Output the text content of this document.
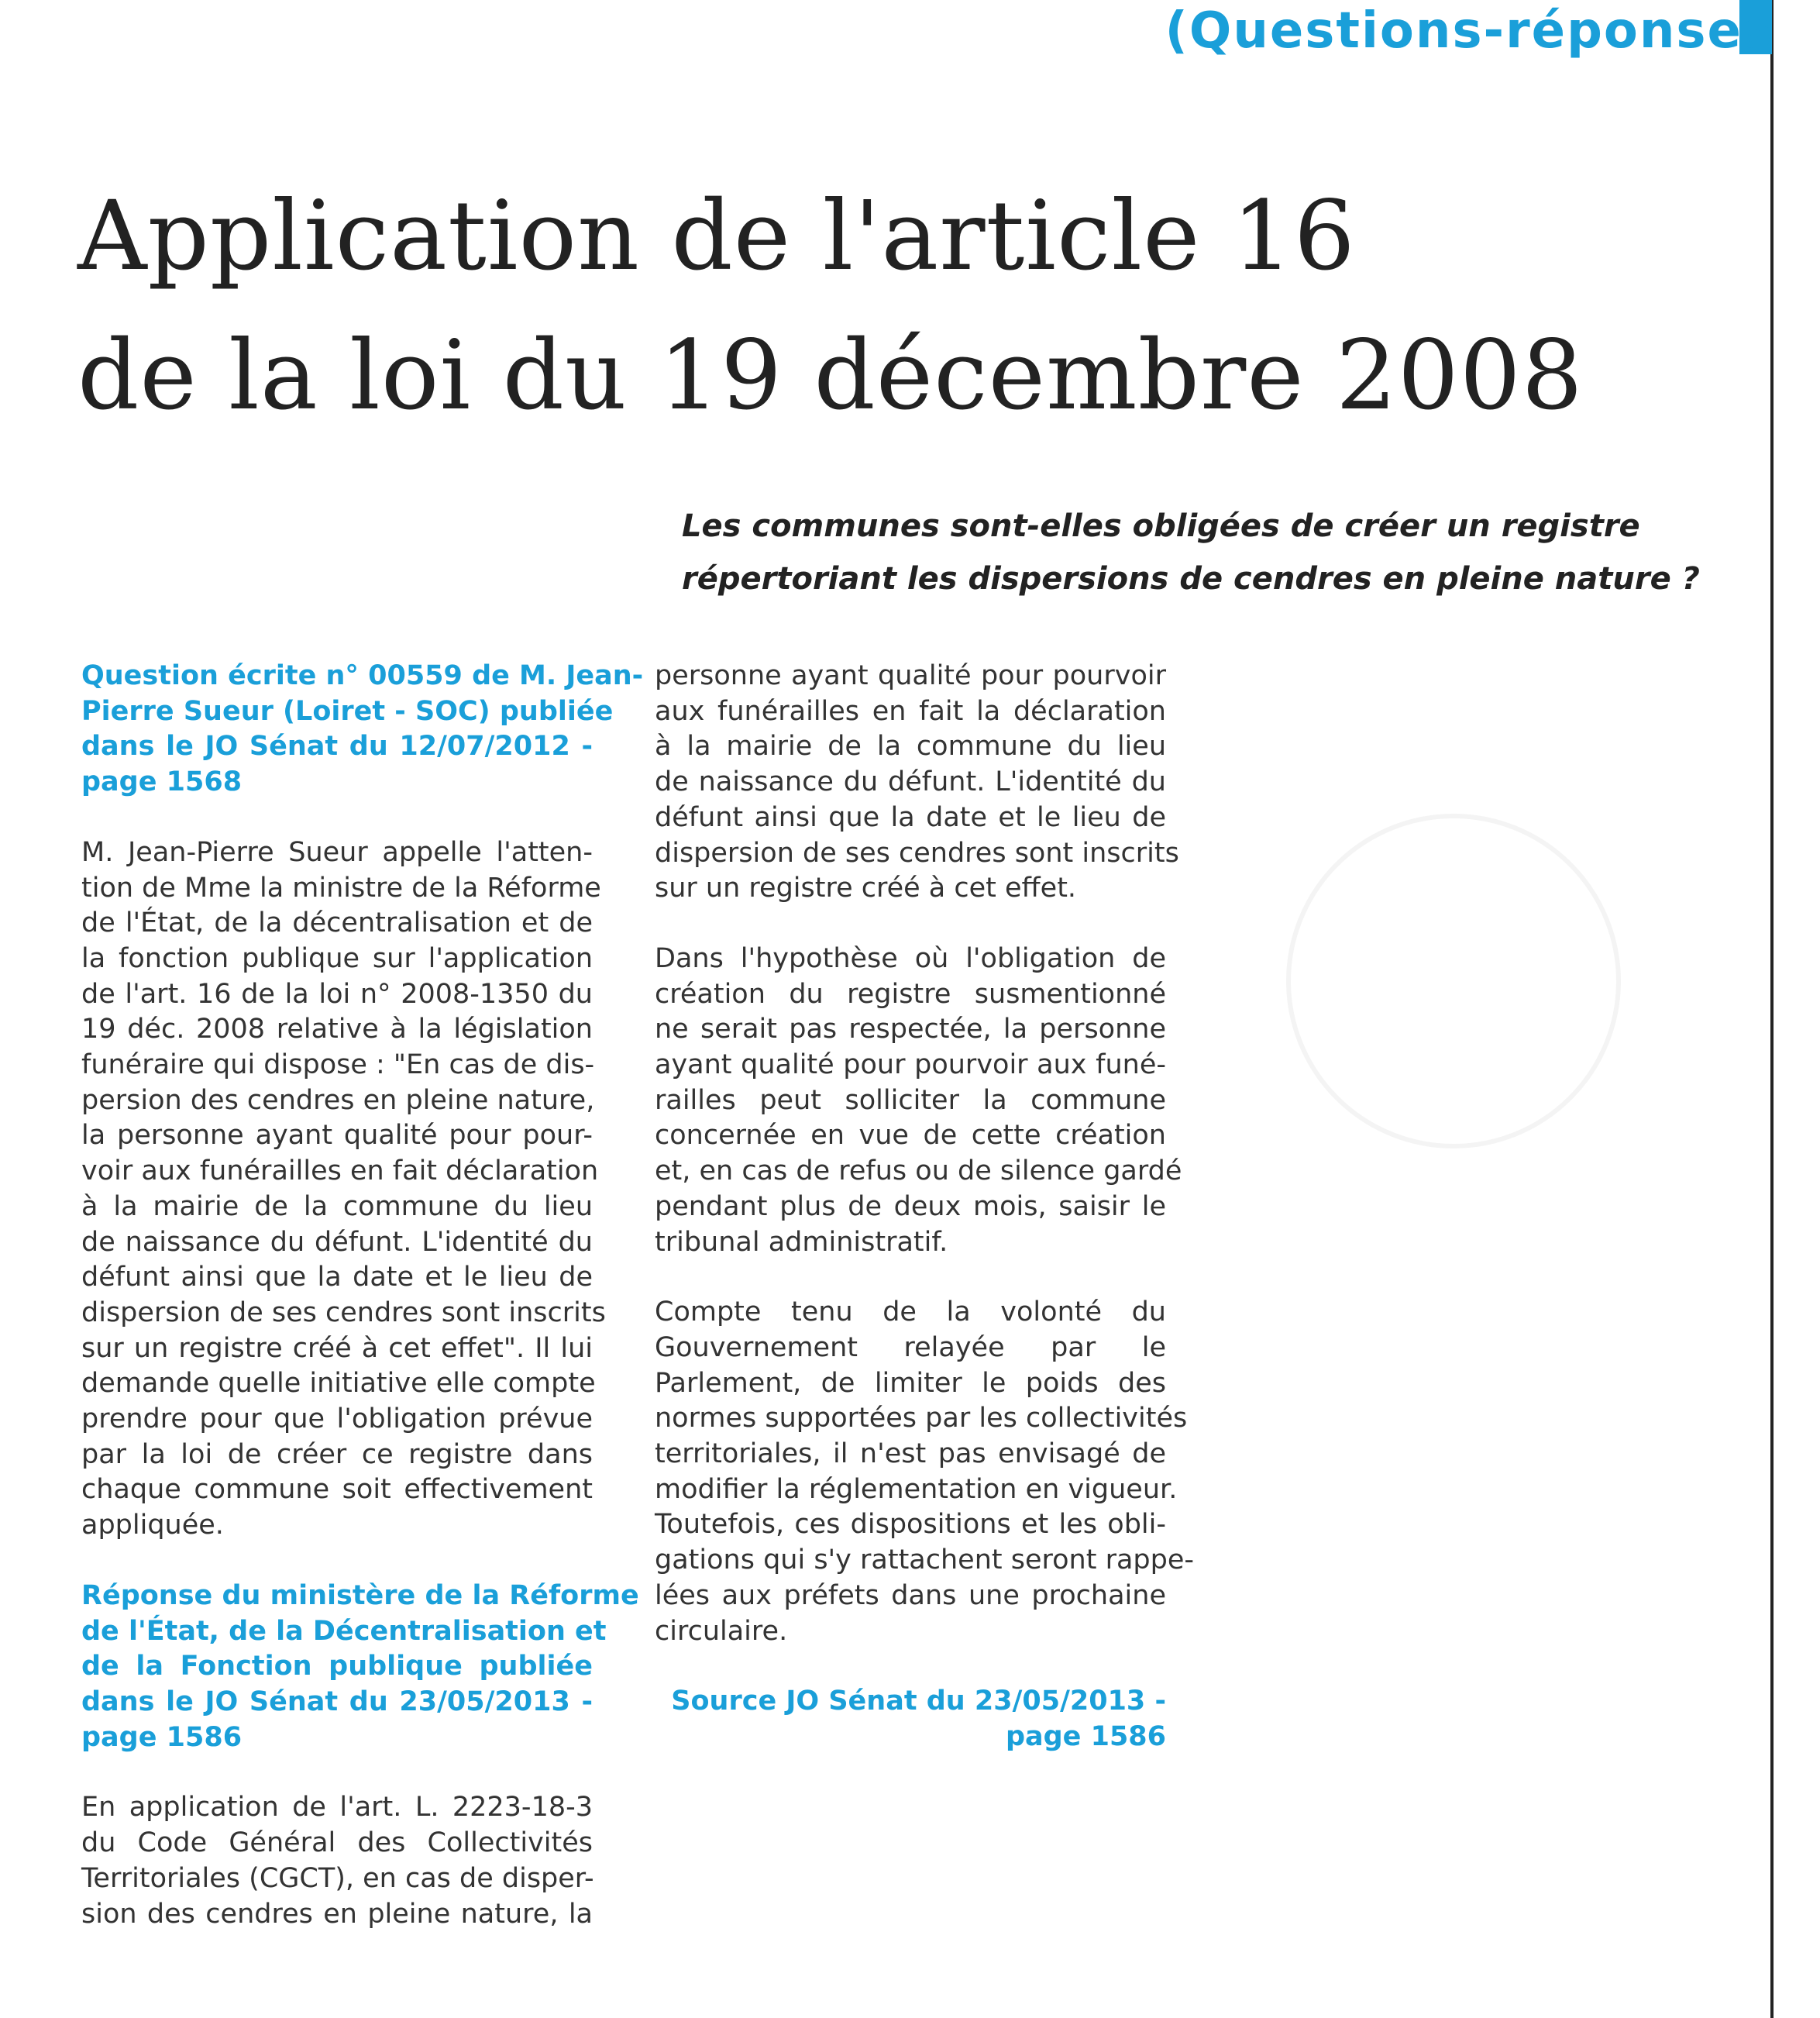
(Questions-réponses
Application de l'article 16
de la loi du 19 décembre 2008
Les communes sont-elles obligées de créer un registre
répertoriant les dispersions de cendres en pleine nature ?
Question écrite n° 00559 de M. Jean-
Pierre Sueur (Loiret - SOC) publiée
dans le JO Sénat du 12/07/2012 -
page 1568
M. Jean-Pierre Sueur appelle l'atten-
tion de Mme la ministre de la Réforme
de l'État, de la décentralisation et de
la fonction publique sur l'application
de l'art. 16 de la loi n° 2008-1350 du
19 déc. 2008 relative à la législation
funéraire qui dispose : "En cas de dis-
persion des cendres en pleine nature,
la personne ayant qualité pour pour-
voir aux funérailles en fait déclaration
à la mairie de la commune du lieu
de naissance du défunt. L'identité du
défunt ainsi que la date et le lieu de
dispersion de ses cendres sont inscrits
sur un registre créé à cet effet". Il lui
demande quelle initiative elle compte
prendre pour que l'obligation prévue
par la loi de créer ce registre dans
chaque commune soit effectivement
appliquée.
Réponse du ministère de la Réforme
de l'État, de la Décentralisation et
de la Fonction publique publiée
dans le JO Sénat du 23/05/2013 -
page 1586
En application de l'art. L. 2223-18-3
du Code Général des Collectivités
Territoriales (CGCT), en cas de disper-
sion des cendres en pleine nature, la
personne ayant qualité pour pourvoir
aux funérailles en fait la déclaration
à la mairie de la commune du lieu
de naissance du défunt. L'identité du
défunt ainsi que la date et le lieu de
dispersion de ses cendres sont inscrits
sur un registre créé à cet effet.
Dans l'hypothèse où l'obligation de
création du registre susmentionné
ne serait pas respectée, la personne
ayant qualité pour pourvoir aux funé-
railles peut solliciter la commune
concernée en vue de cette création
et, en cas de refus ou de silence gardé
pendant plus de deux mois, saisir le
tribunal administratif.
Compte tenu de la volonté du
Gouvernement relayée par le
Parlement, de limiter le poids des
normes supportées par les collectivités
territoriales, il n'est pas envisagé de
modifier la réglementation en vigueur.
Toutefois, ces dispositions et les obli-
gations qui s'y rattachent seront rappe-
lées aux préfets dans une prochaine
circulaire.
Source JO Sénat du 23/05/2013 -
page 1586
